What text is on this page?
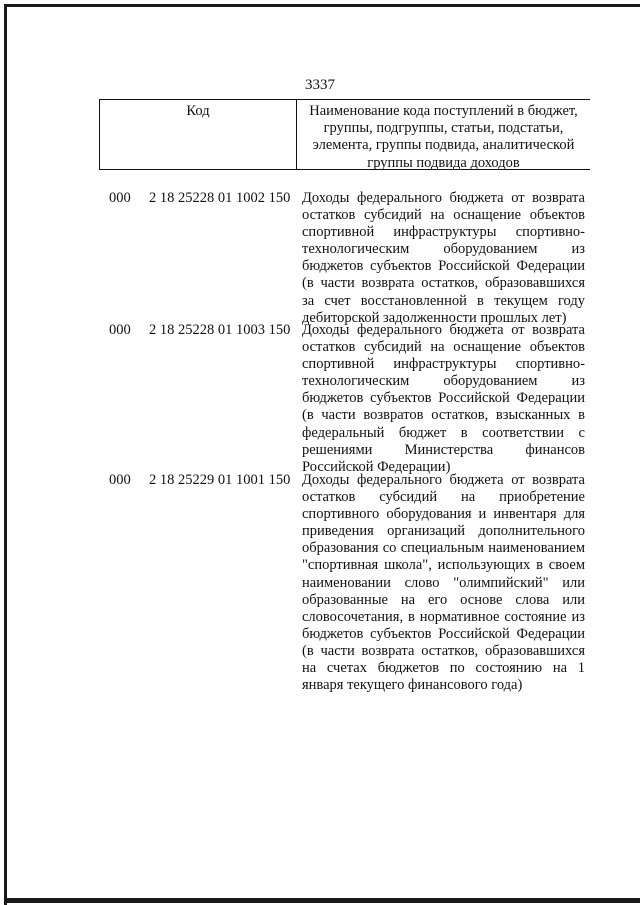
3337
Код	Наименование кода поступлений в бюджет, группы, подгруппы, статьи, подстатьи, элемента, группы подвида, аналитической группы подвида доходов
000 2 18 25228 01 1002 150 Доходы федерального бюджета от возврата остатков субсидий на оснащение объектов спортивной инфраструктуры спортивно-технологическим оборудованием из бюджетов субъектов Российской Федерации (в части возврата остатков, образовавшихся за счет восстановленной в текущем году дебиторской задолженности прошлых лет)
000 2 18 25228 01 1003 150 Доходы федерального бюджета от возврата остатков субсидий на оснащение объектов спортивной инфраструктуры спортивно-технологическим оборудованием из бюджетов субъектов Российской Федерации (в части возвратов остатков, взысканных в федеральный бюджет в соответствии с решениями Министерства финансов Российской Федерации)
000 2 18 25229 01 1001 150 Доходы федерального бюджета от возврата остатков субсидий на приобретение спортивного оборудования и инвентаря для приведения организаций дополнительного образования со специальным наименованием "спортивная школа", использующих в своем наименовании слово "олимпийский" или образованные на его основе слова или словосочетания, в нормативное состояние из бюджетов субъектов Российской Федерации (в части возврата остатков, образовавшихся на счетах бюджетов по состоянию на 1 января текущего финансового года)
